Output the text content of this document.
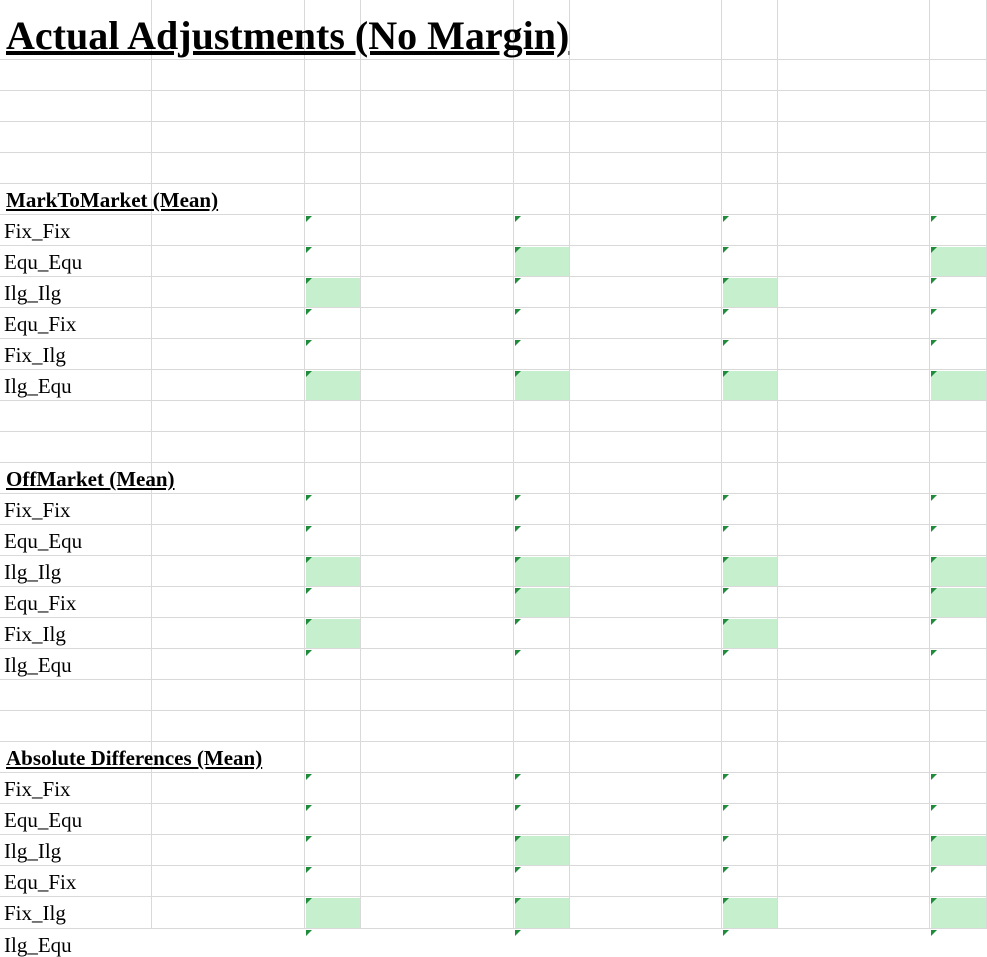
Actual Adjustments (No Margin)
MarkToMarket (Mean)
Fix_Fix
Equ_Equ
Ilg_Ilg
Equ_Fix
Fix_Ilg
Ilg_Equ
OffMarket (Mean)
Fix_Fix
Equ_Equ
Ilg_Ilg
Equ_Fix
Fix_Ilg
Ilg_Equ
Absolute Differences (Mean)
Fix_Fix
Equ_Equ
Ilg_Ilg
Equ_Fix
Fix_Ilg
Ilg_Equ
